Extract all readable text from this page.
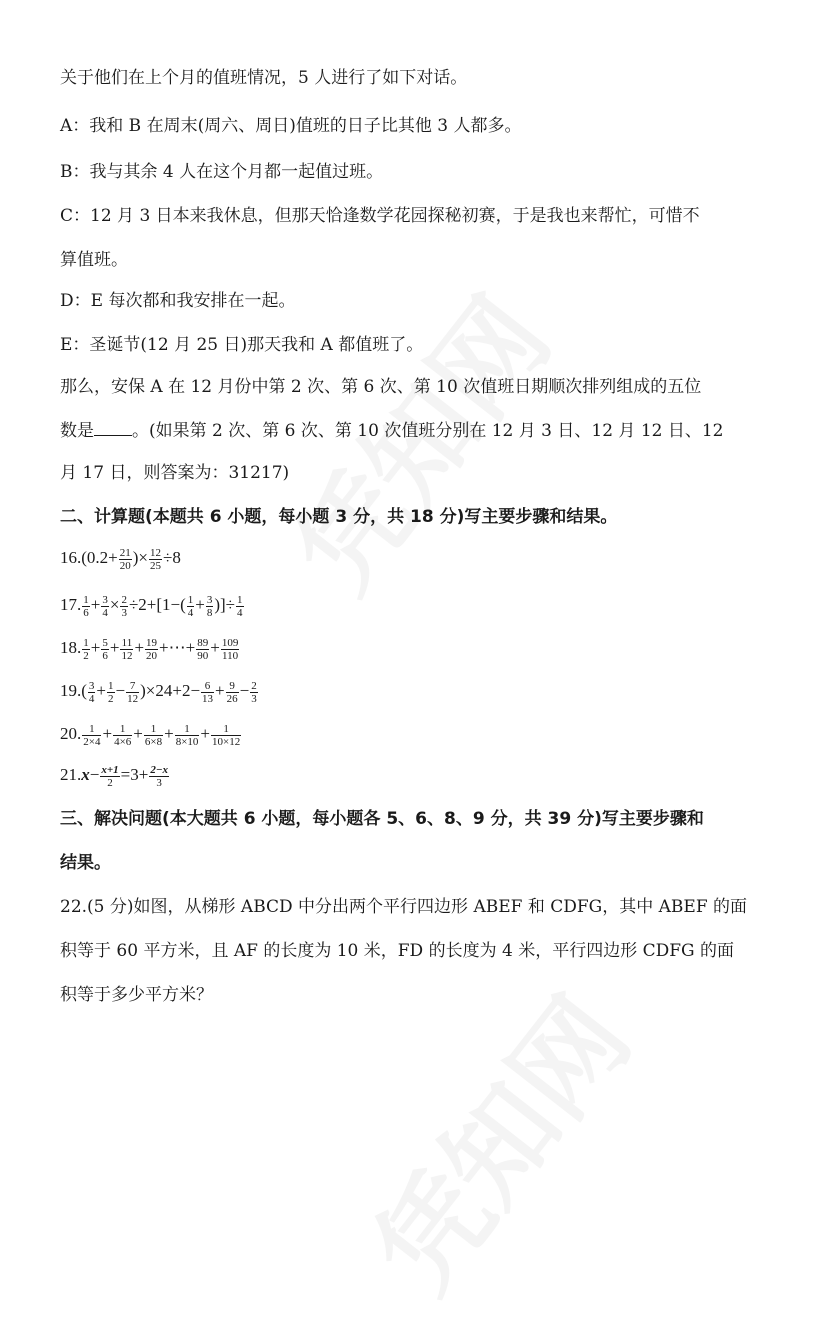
关于他们在上个月的值班情况，5 人进行了如下对话。
A：我和 B 在周末(周六、周日)值班的日子比其他 3 人都多。
B：我与其余 4 人在这个月都一起值过班。
C：12 月 3 日本来我休息，但那天恰逢数学花园探秘初赛，于是我也来帮忙，可惜不
算值班。
D：E 每次都和我安排在一起。
E：圣诞节(12 月 25 日)那天我和 A 都值班了。
那么，安保 A 在 12 月份中第 2 次、第 6 次、第 10 次值班日期顺次排列组成的五位
数是 。(如果第 2 次、第 6 次、第 10 次值班分别在 12 月 3 日、12 月 12 日、12
月 17 日，则答案为：31217)
二、计算题(本题共 6 小题，每小题 3 分，共 18 分)写主要步骤和结果。
$16.(0.2+ \frac{21}{20}$ )× $\frac{12}{25} \div 8$
17. $\frac{1}{6} + \frac{3}{4} \times \frac{2}{3} \div 2+[1-( \frac{1}{4} + \frac{3}{8}$ )]÷ $\frac{1}{4}$
18. $\frac{1}{2} + \frac{5}{6} + \frac{11}{12} + \frac{19}{20}$ +⋯+ $\frac{89}{90} + \frac{109}{110}$
$19.( \frac{3}{4} + \frac{1}{2} - \frac{7}{12} )\times 24+2- \frac{6}{13} + \frac{9}{26} - \frac{2}{3}$
20. $\frac{1}{2\times 4} + \frac{1}{4\times 6} + \frac{1}{6\times 8} + \frac{1}{8\times 10} + \frac{1}{10\times 12}$
$21.x- \frac{x+1}{2} =3+ \frac{2-x}{3}$
三、解决问题(本大题共 6 小题，每小题各 5、6、8、9 分，共 39 分)写主要步骤和
结果。
22.(5 分)如图，从梯形 ABCD 中分出两个平行四边形 ABEF 和 CDFG，其中 ABEF 的面
积等于 60 平方米，且 AF 的长度为 10 米，FD 的长度为 4 米，平行四边形 CDFG 的面
积等于多少平方米？
